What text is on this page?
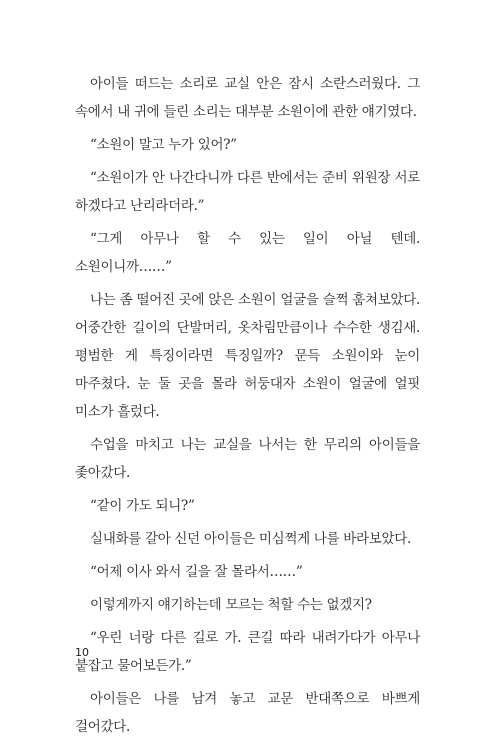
아이들 떠드는 소리로 교실 안은 잠시 소란스러웠다. 그 속에서 내 귀에 들린 소리는 대부분 소원이에 관한 얘기였다.

“소원이 말고 누가 있어?”

“소원이가 안 나간다니까 다른 반에서는 준비 위원장 서로 하겠다고 난리라더라.”

“그게 아무나 할 수 있는 일이 아닐 텐데. 소원이니까……”

나는 좀 떨어진 곳에 앉은 소원이 얼굴을 슬쩍 훔쳐보았다. 어중간한 길이의 단발머리, 옷차림만큼이나 수수한 생김새. 평범한 게 특징이라면 특징일까? 문득 소원이와 눈이 마주쳤다. 눈 둘 곳을 몰라 허둥대자 소원이 얼굴에 얼핏 미소가 흘렀다.

수업을 마치고 나는 교실을 나서는 한 무리의 아이들을 좇아갔다.

“같이 가도 되니?”

실내화를 갈아 신던 아이들은 미심쩍게 나를 바라보았다.

“어제 이사 와서 길을 잘 몰라서……”

이렇게까지 얘기하는데 모르는 척할 수는 없겠지?

“우린 너랑 다른 길로 가. 큰길 따라 내려가다가 아무나 붙잡고 물어보든가.”

아이들은 나를 남겨 놓고 교문 반대쪽으로 바쁘게 걸어갔다.

10
